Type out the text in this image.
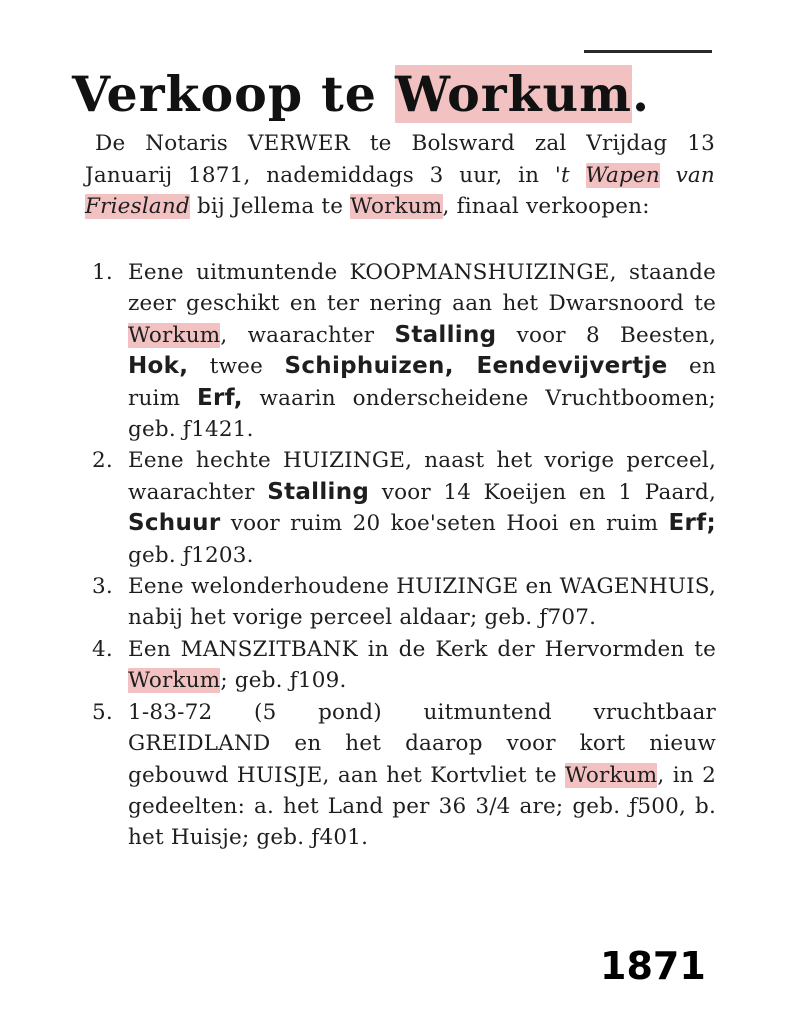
Verkoop te Workum.

De Notaris VERWER te Bolsward zal Vrijdag 13 Januarij 1871, nademiddags 3 uur, in 't Wapen van Friesland bij Jellema te Workum, finaal verkoopen:

1. Eene uitmuntende KOOPMANSHUIZINGE, staande zeer geschikt en ter nering aan het Dwarsnoord te Workum, waarachter Stalling voor 8 Beesten, Hok, twee Schiphuizen, Eendevijvertje en ruim Erf, waarin onderscheidene Vruchtboomen; geb. ƒ1421.
2. Eene hechte HUIZINGE, naast het vorige perceel, waarachter Stalling voor 14 Koeijen en 1 Paard, Schuur voor ruim 20 koe'seten Hooi en ruim Erf; geb. ƒ1203.
3. Eene welonderhoudene HUIZINGE en WAGENHUIS, nabij het vorige perceel aldaar; geb. ƒ707.
4. Een MANSZITBANK in de Kerk der Hervormden te Workum; geb. ƒ109.
5. 1-83-72 (5 pond) uitmuntend vruchtbaar GREIDLAND en het daarop voor kort nieuw gebouwd HUISJE, aan het Kortvliet te Workum, in 2 gedeelten: a. het Land per 36 3/4 are; geb. ƒ500, b. het Huisje; geb. ƒ401.
1871
